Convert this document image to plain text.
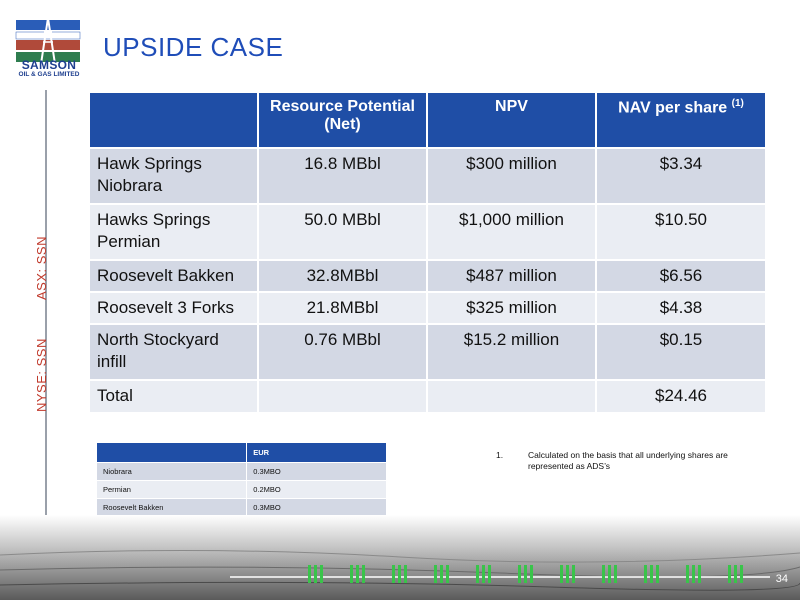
SAMSON
OIL & GAS LIMITED
UPSIDE CASE
ASX: SSN
NYSE: SSN
	Resource Potential (Net)	NPV	NAV per share $^{(1)}$
Hawk Springs Niobrara	16.8 MBbl	$300 million	$3.34
Hawks Springs Permian	50.0 MBbl	$1,000 million	$10.50
Roosevelt Bakken	32.8MBbl	$487 million	$6.56
Roosevelt 3 Forks	21.8MBbl	$325 million	$4.38
North Stockyard infill	0.76 MBbl	$15.2 million	$0.15
Total			$24.46
	EUR
Niobrara	0.3MBO
Permian	0.2MBO
Roosevelt Bakken	0.3MBO

1.	Calculated on the basis that all underlying shares are represented as ADS’s
34
